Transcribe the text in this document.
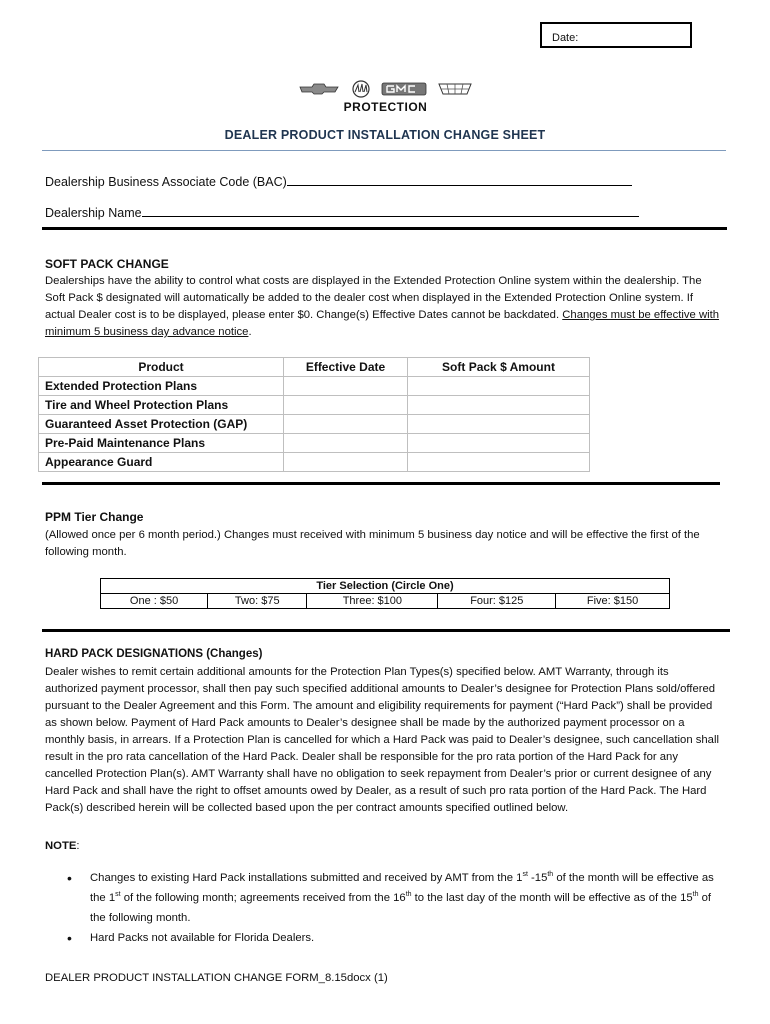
Date:
PROTECTION
DEALER PRODUCT INSTALLATION CHANGE SHEET
Dealership Business Associate Code (BAC)
Dealership Name
SOFT PACK CHANGE
Dealerships have the ability to control what costs are displayed in the Extended Protection Online system within the dealership. The Soft Pack $ designated will automatically be added to the dealer cost when displayed in the Extended Protection Online system. If actual Dealer cost is to be displayed, please enter $0. Change(s) Effective Dates cannot be backdated. Changes must be effective with minimum 5 business day advance notice.
Product	Effective Date	Soft Pack $ Amount
Extended Protection Plans		
Tire and Wheel Protection Plans		
Guaranteed Asset Protection (GAP)		
Pre-Paid Maintenance Plans		
Appearance Guard		
PPM Tier Change
(Allowed once per 6 month period.) Changes must received with minimum 5 business day notice and will be effective the first of the following month.
Tier Selection (Circle One)
One : $50	Two: $75	Three: $100	Four: $125	Five: $150
HARD PACK DESIGNATIONS (Changes)
Dealer wishes to remit certain additional amounts for the Protection Plan Types(s) specified below. AMT Warranty, through its authorized payment processor, shall then pay such specified additional amounts to Dealer’s designee for Protection Plans sold/offered pursuant to the Dealer Agreement and this Form. The amount and eligibility requirements for payment (“Hard Pack”) shall be provided as shown below. Payment of Hard Pack amounts to Dealer’s designee shall be made by the authorized payment processor on a monthly basis, in arrears. If a Protection Plan is cancelled for which a Hard Pack was paid to Dealer’s designee, such cancellation shall result in the pro rata cancellation of the Hard Pack. Dealer shall be responsible for the pro rata portion of the Hard Pack for any cancelled Protection Plan(s). AMT Warranty shall have no obligation to seek repayment from Dealer’s prior or current designee of any Hard Pack and shall have the right to offset amounts owed by Dealer, as a result of such pro rata portion of the Hard Pack. The Hard Pack(s) described herein will be collected based upon the per contract amounts specified outlined below.
NOTE:
• Changes to existing Hard Pack installations submitted and received by AMT from the 1st -15th of the month will be effective as the 1st of the following month; agreements received from the 16th to the last day of the month will be effective as of the 15th of the following month.
• Hard Packs not available for Florida Dealers.
DEALER PRODUCT INSTALLATION CHANGE FORM_8.15docx (1)
